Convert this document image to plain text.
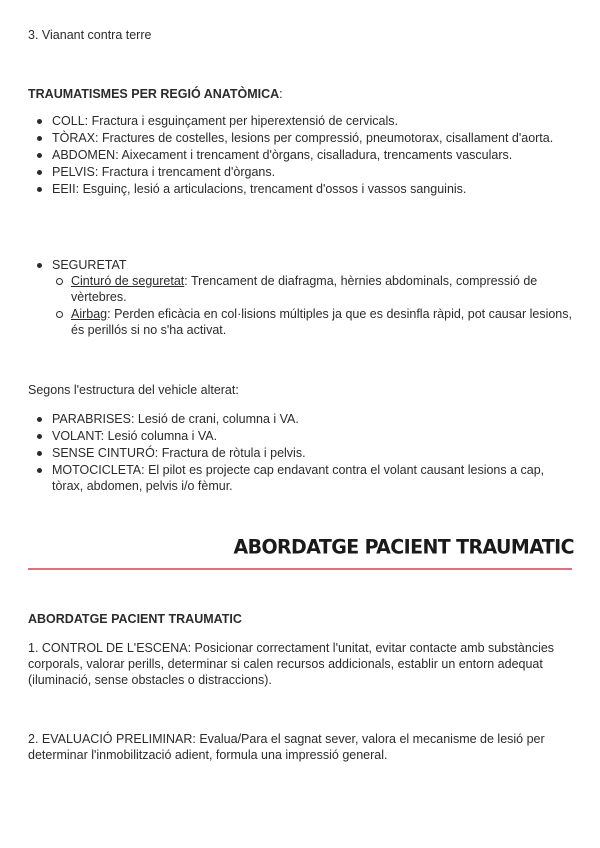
3. Vianant contra terre
TRAUMATISMES PER REGIÓ ANATÒMICA:
COLL: Fractura i esguinçament per hiperextensió de cervicals.
TÒRAX: Fractures de costelles, lesions per compressió, pneumotorax, cisallament d'aorta.
ABDOMEN: Aixecament i trencament d'òrgans, cisalladura, trencaments vasculars.
PELVIS: Fractura i trencament d'òrgans.
EEII: Esguinç, lesió a articulacions, trencament d'ossos i vassos sanguinis.
SEGURETAT
Cinturó de seguretat: Trencament de diafragma, hèrnies abdominals, compressió de vèrtebres.
Airbag: Perden eficàcia en col·lisions múltiples ja que es desinfla ràpid, pot causar lesions, és perillós si no s'ha activat.
Segons l'estructura del vehicle alterat:
PARABRISES: Lesió de crani, columna i VA.
VOLANT: Lesió columna i VA.
SENSE CINTURÓ: Fractura de ròtula i pelvis.
MOTOCICLETA: El pilot es projecte cap endavant contra el volant causant lesions a cap, tòrax, abdomen, pelvis i/o fèmur.
ABORDATGE PACIENT TRAUMATIC
ABORDATGE PACIENT TRAUMATIC
1. CONTROL DE L'ESCENA: Posicionar correctament l'unitat, evitar contacte amb substàncies corporals, valorar perills, determinar si calen recursos addicionals, establir un entorn adequat (iluminació, sense obstacles o distraccions).
2. EVALUACIÓ PRELIMINAR: Evalua/Para el sagnat sever, valora el mecanisme de lesió per determinar l'inmobilització adient, formula una impressió general.
